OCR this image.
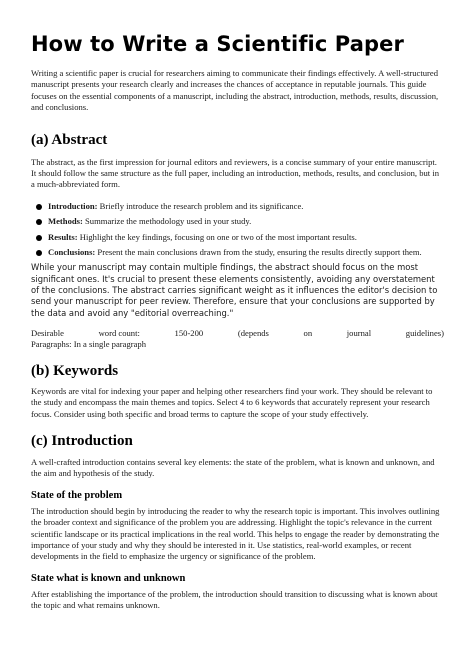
How to Write a Scientific Paper

Writing a scientific paper is crucial for researchers aiming to communicate their findings effectively. A well-structured manuscript presents your research clearly and increases the chances of acceptance in reputable journals. This guide focuses on the essential components of a manuscript, including the abstract, introduction, methods, results, discussion, and conclusions.

(a) Abstract

The abstract, as the first impression for journal editors and reviewers, is a concise summary of your entire manuscript. It should follow the same structure as the full paper, including an introduction, methods, results, and conclusion, but in a much-abbreviated form.

Introduction: Briefly introduce the research problem and its significance.
Methods: Summarize the methodology used in your study.
Results: Highlight the key findings, focusing on one or two of the most important results.
Conclusions: Present the main conclusions drawn from the study, ensuring the results directly support them.

While your manuscript may contain multiple findings, the abstract should focus on the most significant ones. It's crucial to present these elements consistently, avoiding any overstatement of the conclusions. The abstract carries significant weight as it influences the editor's decision to send your manuscript for peer review. Therefore, ensure that your conclusions are supported by the data and avoid any "editorial overreaching."

Desirable	word count:	150-200	(depends	on	journal	guidelines)

Paragraphs: In a single paragraph

(b) Keywords

Keywords are vital for indexing your paper and helping other researchers find your work. They should be relevant to the study and encompass the main themes and topics. Select 4 to 6 keywords that accurately represent your research focus. Consider using both specific and broad terms to capture the scope of your study effectively.

(c) Introduction

A well-crafted introduction contains several key elements: the state of the problem, what is known and unknown, and the aim and hypothesis of the study.

State of the problem

The introduction should begin by introducing the reader to why the research topic is important. This involves outlining the broader context and significance of the problem you are addressing. Highlight the topic's relevance in the current scientific landscape or its practical implications in the real world. This helps to engage the reader by demonstrating the importance of your study and why they should be interested in it. Use statistics, real-world examples, or recent developments in the field to emphasize the urgency or significance of the problem.

State what is known and unknown

After establishing the importance of the problem, the introduction should transition to discussing what is known about the topic and what remains unknown.
